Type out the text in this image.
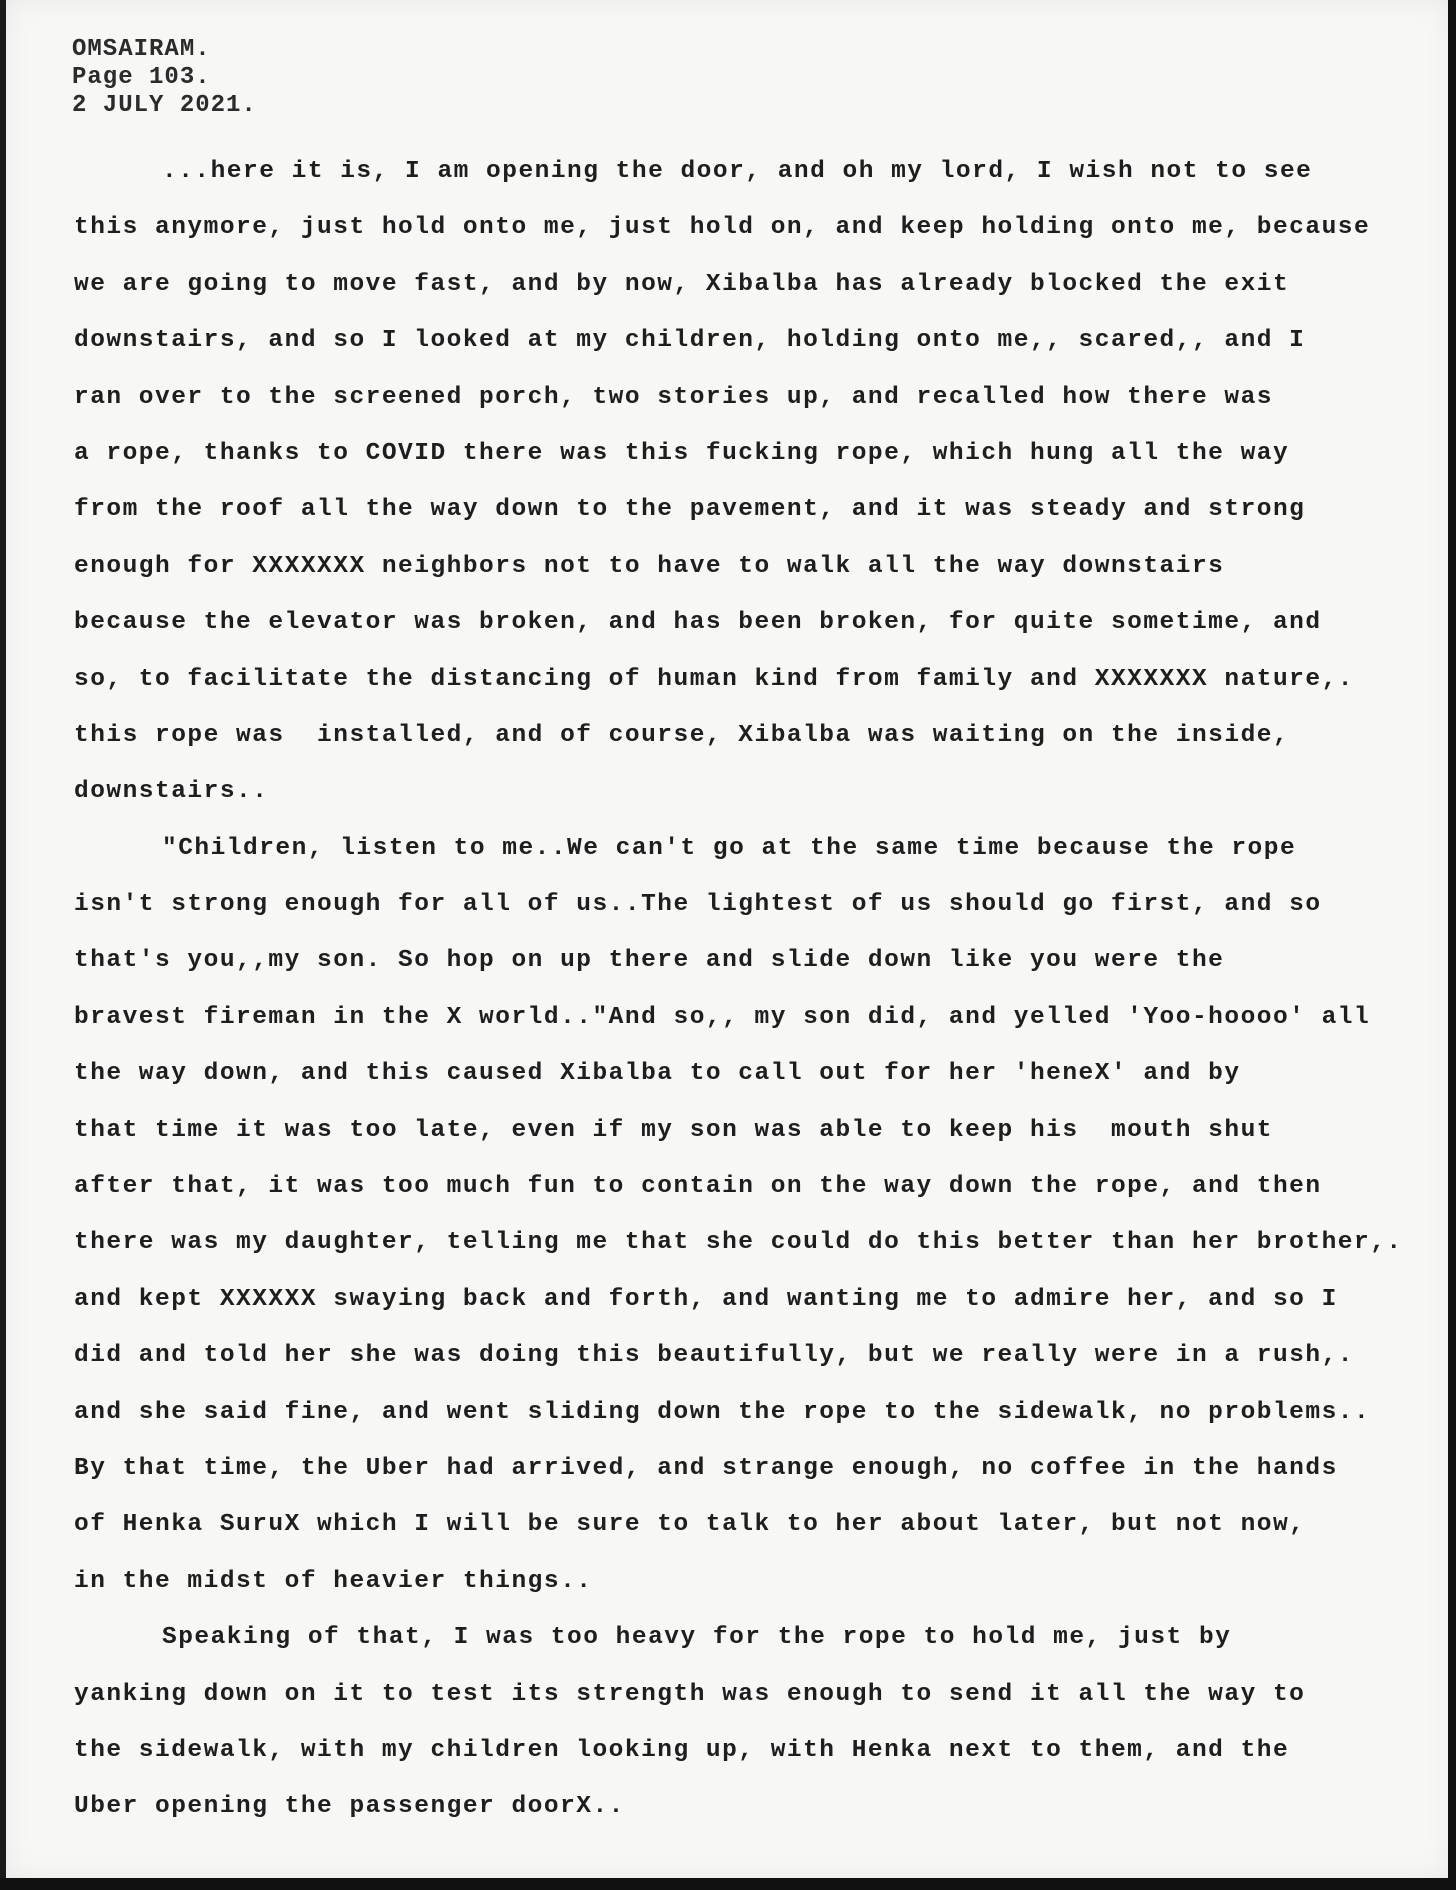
OMSAIRAM.
Page 103.
2 JULY 2021.
...here it is, I am opening the door, and oh my lord, I wish not to see
this anymore, just hold onto me, just hold on, and keep holding onto me, because
we are going to move fast, and by now, Xibalba has already blocked the exit
downstairs, and so I looked at my children, holding onto me,, scared,, and I
ran over to the screened porch, two stories up, and recalled how there was
a rope, thanks to COVID there was this fucking rope, which hung all the way
from the roof all the way down to the pavement, and it was steady and strong
enough for XXXXXXX neighbors not to have to walk all the way downstairs
because the elevator was broken, and has been broken, for quite sometime, and
so, to facilitate the distancing of human kind from family and XXXXXXX nature,.
this rope was  installed, and of course, Xibalba was waiting on the inside,
downstairs..
"Children, listen to me..We can't go at the same time because the rope
isn't strong enough for all of us..The lightest of us should go first, and so
that's you,,my son. So hop on up there and slide down like you were the
bravest fireman in the X world.."And so,, my son did, and yelled 'Yoo-hoooo' all
the way down, and this caused Xibalba to call out for her 'heneX' and by
that time it was too late, even if my son was able to keep his  mouth shut
after that, it was too much fun to contain on the way down the rope, and then
there was my daughter, telling me that she could do this better than her brother,.
and kept XXXXXX swaying back and forth, and wanting me to admire her, and so I
did and told her she was doing this beautifully, but we really were in a rush,.
and she said fine, and went sliding down the rope to the sidewalk, no problems..
By that time, the Uber had arrived, and strange enough, no coffee in the hands
of Henka SuruX which I will be sure to talk to her about later, but not now,
in the midst of heavier things..
Speaking of that, I was too heavy for the rope to hold me, just by
yanking down on it to test its strength was enough to send it all the way to
the sidewalk, with my children looking up, with Henka next to them, and the
Uber opening the passenger doorX..
